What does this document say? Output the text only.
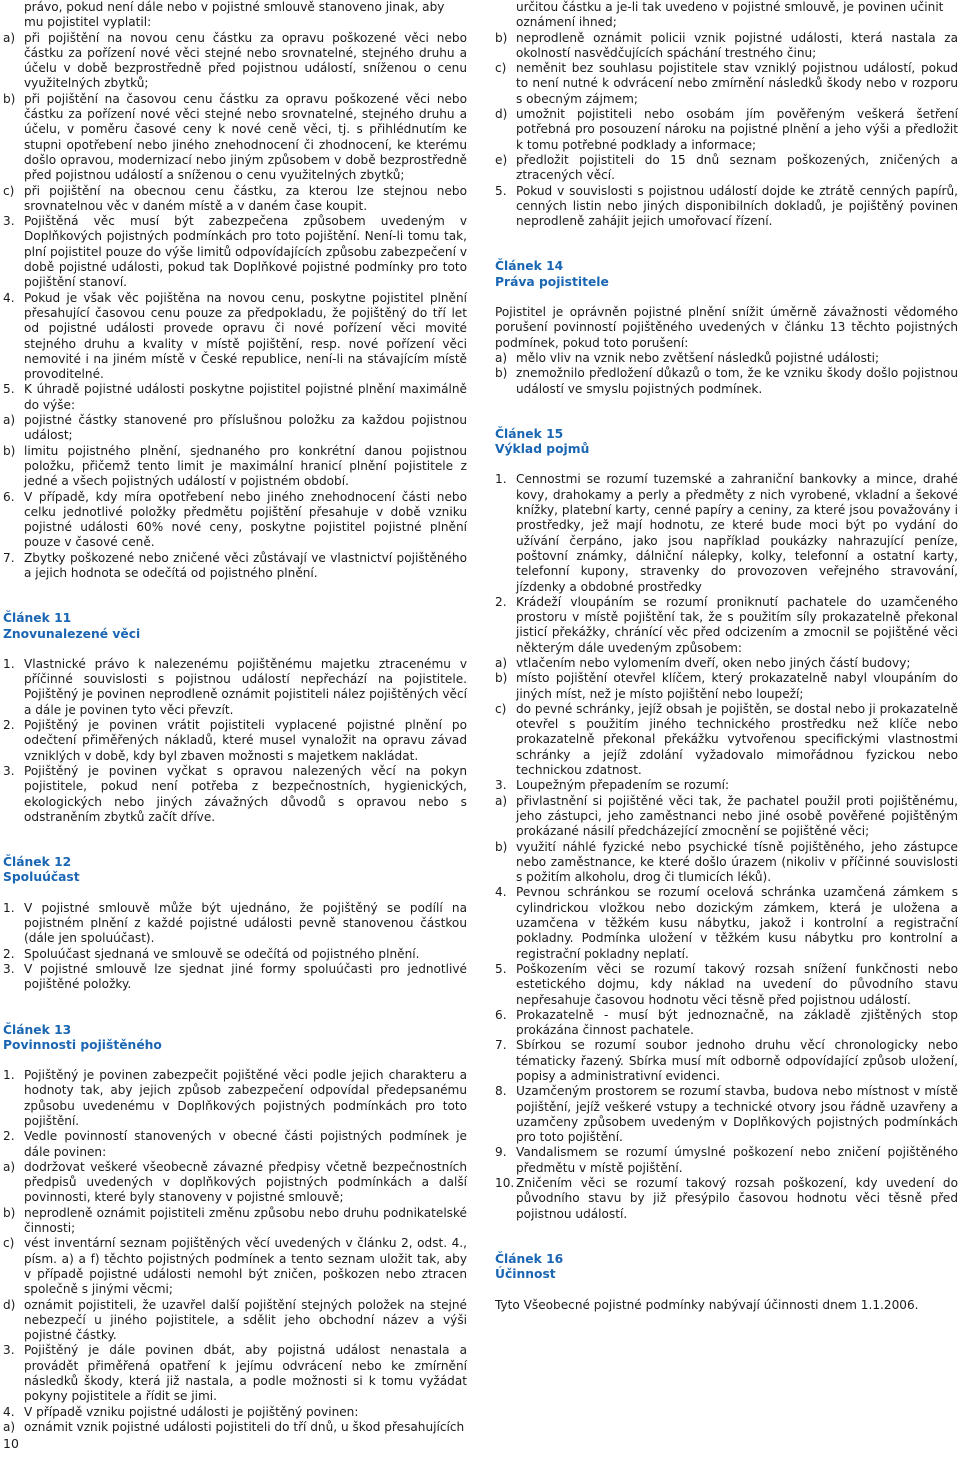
právo, pokud není dále nebo v pojistné smlouvě stanoveno jinak, aby mu pojistitel vyplatil:
a) při pojištění na novou cenu částku za opravu poškozené věci nebo částku za pořízení nové věci stejné nebo srovnatelné, stejného druhu a účelu v době bezprostředně před pojistnou událostí, sníženou o cenu využitelných zbytků;
b) při pojištění na časovou cenu částku za opravu poškozené věci nebo částku za pořízení nové věci stejné nebo srovnatelné, stejného druhu a účelu, v poměru časové ceny k nové ceně věci, tj. s přihlédnutím ke stupni opotřebení nebo jiného znehodnocení či zhodnocení, ke kterému došlo opravou, modernizací nebo jiným způsobem v době bezprostředně před pojistnou událostí a sníženou o cenu využitelných zbytků;
c) při pojištění na obecnou cenu částku, za kterou lze stejnou nebo srovnatelnou věc v daném místě a v daném čase koupit.
3. Pojištěná věc musí být zabezpečena způsobem uvedeným v Doplňkových pojistných podmínkách pro toto pojištění. Není-li tomu tak, plní pojistitel pouze do výše limitů odpovídajících způsobu zabezpečení v době pojistné události, pokud tak Doplňkové pojistné podmínky pro toto pojištění stanoví.
4. Pokud je však věc pojištěna na novou cenu, poskytne pojistitel plnění přesahující časovou cenu pouze za předpokladu, že pojištěný do tří let od pojistné události provede opravu či nové pořízení věci movité stejného druhu a kvality v místě pojištění, resp. nové pořízení věci nemovité i na jiném místě v České republice, není-li na stávajícím místě provoditelné.
5. K úhradě pojistné události poskytne pojistitel pojistné plnění maximálně do výše:
a) pojistné částky stanovené pro příslušnou položku za každou pojistnou událost;
b) limitu pojistného plnění, sjednaného pro konkrétní danou pojistnou položku, přičemž tento limit je maximální hranicí plnění pojistitele z jedné a všech pojistných událostí v pojistném období.
6. V případě, kdy míra opotřebení nebo jiného znehodnocení části nebo celku jednotlivé položky předmětu pojištění přesahuje v době vzniku pojistné události 60% nové ceny, poskytne pojistitel pojistné plnění pouze v časové ceně.
7. Zbytky poškozené nebo zničené věci zůstávají ve vlastnictví pojištěného a jejich hodnota se odečítá od pojistného plnění.
Článek 11
Znovunalezené věci
1. Vlastnické právo k nalezenému pojištěnému majetku ztracenému v příčinné souvislosti s pojistnou událostí nepřechází na pojistitele. Pojištěný je povinen neprodleně oznámit pojistiteli nález pojištěných věcí a dále je povinen tyto věci převzít.
2. Pojištěný je povinen vrátit pojistiteli vyplacené pojistné plnění po odečtení přiměřených nákladů, které musel vynaložit na opravu závad vzniklých v době, kdy byl zbaven možnosti s majetkem nakládat.
3. Pojištěný je povinen vyčkat s opravou nalezených věcí na pokyn pojistitele, pokud není potřeba z bezpečnostních, hygienických, ekologických nebo jiných závažných důvodů s opravou nebo s odstraněním zbytků začít dříve.
Článek 12
Spoluúčast
1. V pojistné smlouvě může být ujednáno, že pojištěný se podílí na pojistném plnění z každé pojistné události pevně stanovenou částkou (dále jen spoluúčast).
2. Spoluúčast sjednaná ve smlouvě se odečítá od pojistného plnění.
3. V pojistné smlouvě lze sjednat jiné formy spoluúčasti pro jednotlivé pojištěné položky.
Článek 13
Povinnosti pojištěného
1. Pojištěný je povinen zabezpečit pojištěné věci podle jejich charakteru a hodnoty tak, aby jejich způsob zabezpečení odpovídal předepsanému způsobu uvedenému v Doplňkových pojistných podmínkách pro toto pojištění.
2. Vedle povinností stanovených v obecné části pojistných podmínek je dále povinen:
a) dodržovat veškeré všeobecně závazné předpisy včetně bezpečnostních předpisů uvedených v doplňkových pojistných podmínkách a další povinnosti, které byly stanoveny v pojistné smlouvě;
b) neprodleně oznámit pojistiteli změnu způsobu nebo druhu podnikatelské činnosti;
c) vést inventární seznam pojištěných věcí uvedených v článku 2, odst. 4., písm. a) a f) těchto pojistných podmínek a tento seznam uložit tak, aby v případě pojistné události nemohl být zničen, poškozen nebo ztracen společně s jinými věcmi;
d) oznámit pojistiteli, že uzavřel další pojištění stejných položek na stejné nebezpečí u jiného pojistitele, a sdělit jeho obchodní název a výši pojistné částky.
3. Pojištěný je dále povinen dbát, aby pojistná událost nenastala a provádět přiměřená opatření k jejímu odvrácení nebo ke zmírnění následků škody, která již nastala, a podle možnosti si k tomu vyžádat pokyny pojistitele a řídit se jimi.
4. V případě vzniku pojistné události je pojištěný povinen:
a) oznámit vznik pojistné události pojistiteli do tří dnů, u škod přesahujících
určitou částku a je-li tak uvedeno v pojistné smlouvě, je povinen učinit oznámení ihned;
b) neprodleně oznámit policii vznik pojistné události, která nastala za okolností nasvědčujících spáchání trestného činu;
c) neměnit bez souhlasu pojistitele stav vzniklý pojistnou událostí, pokud to není nutné k odvrácení nebo zmírnění následků škody nebo v rozporu s obecným zájmem;
d) umožnit pojistiteli nebo osobám jím pověřeným veškerá šetření potřebná pro posouzení nároku na pojistné plnění a jeho výši a předložit k tomu potřebné podklady a informace;
e) předložit pojistiteli do 15 dnů seznam poškozených, zničených a ztracených věcí.
5. Pokud v souvislosti s pojistnou událostí dojde ke ztrátě cenných papírů, cenných listin nebo jiných disponibilních dokladů, je pojištěný povinen neprodleně zahájit jejich umořovací řízení.
Článek 14
Práva pojistitele

Pojistitel je oprávněn pojistné plnění snížit úměrně závažnosti vědomého porušení povinností pojištěného uvedených v článku 13 těchto pojistných podmínek, pokud toto porušení:

a) mělo vliv na vznik nebo zvětšení následků pojistné události;
b) znemožnilo předložení důkazů o tom, že ke vzniku škody došlo pojistnou událostí ve smyslu pojistných podmínek.
Článek 15
Výklad pojmů
1. Cennostmi se rozumí tuzemské a zahraniční bankovky a mince, drahé kovy, drahokamy a perly a předměty z nich vyrobené, vkladní a šekové knížky, platební karty, cenné papíry a ceniny, za které jsou považovány i prostředky, jež mají hodnotu, ze které bude moci být po vydání do užívání čerpáno, jako jsou například poukázky nahrazující peníze, poštovní známky, dálniční nálepky, kolky, telefonní a ostatní karty, telefonní kupony, stravenky do provozoven veřejného stravování, jízdenky a obdobné prostředky
2. Krádeží vloupáním se rozumí proniknutí pachatele do uzamčeného prostoru v místě pojištění tak, že s použitím síly prokazatelně překonal jisticí překážky, chránící věc před odcizením a zmocnil se pojištěné věci některým dále uvedeným způsobem:
a) vtlačením nebo vylomením dveří, oken nebo jiných částí budovy;
b) místo pojištění otevřel klíčem, který prokazatelně nabyl vloupáním do jiných míst, než je místo pojištění nebo loupeží;
c) do pevné schránky, jejíž obsah je pojištěn, se dostal nebo ji prokazatelně otevřel s použitím jiného technického prostředku než klíče nebo prokazatelně překonal překážku vytvořenou specifickými vlastnostmi schránky a jejíž zdolání vyžadovalo mimořádnou fyzickou nebo technickou zdatnost.
3. Loupežným přepadením se rozumí:
a) přivlastnění si pojištěné věci tak, že pachatel použil proti pojištěnému, jeho zástupci, jeho zaměstnanci nebo jiné osobě pověřené pojištěným prokázané násilí předcházející zmocnění se pojištěné věci;
b) využití náhlé fyzické nebo psychické tísně pojištěného, jeho zástupce nebo zaměstnance, ke které došlo úrazem (nikoliv v příčinné souvislosti s požitím alkoholu, drog či tlumicích léků).
4. Pevnou schránkou se rozumí ocelová schránka uzamčená zámkem s cylindrickou vložkou nebo dozickým zámkem, která je uložena a uzamčena v těžkém kusu nábytku, jakož i kontrolní a registrační pokladny. Podmínka uložení v těžkém kusu nábytku pro kontrolní a registrační pokladny neplatí.
5. Poškozením věci se rozumí takový rozsah snížení funkčnosti nebo estetického dojmu, kdy náklad na uvedení do původního stavu nepřesahuje časovou hodnotu věci těsně před pojistnou událostí.
6. Prokazatelně - musí být jednoznačně, na základě zjištěných stop prokázána činnost pachatele.
7. Sbírkou se rozumí soubor jednoho druhu věcí chronologicky nebo tématicky řazený. Sbírka musí mít odborně odpovídající způsob uložení, popisy a administrativní evidenci.
8. Uzamčeným prostorem se rozumí stavba, budova nebo místnost v místě pojištění, jejíž veškeré vstupy a technické otvory jsou řádně uzavřeny a uzamčeny způsobem uvedeným v Doplňkových pojistných podmínkách pro toto pojištění.
9. Vandalismem se rozumí úmyslné poškození nebo zničení pojištěného předmětu v místě pojištění.
10. Zničením věci se rozumí takový rozsah poškození, kdy uvedení do původního stavu by již přesýpilo časovou hodnotu věci těsně před pojistnou událostí.
Článek 16
Účinnost

Tyto Všeobecné pojistné podmínky nabývají účinnosti dnem 1.1.2006.

10
